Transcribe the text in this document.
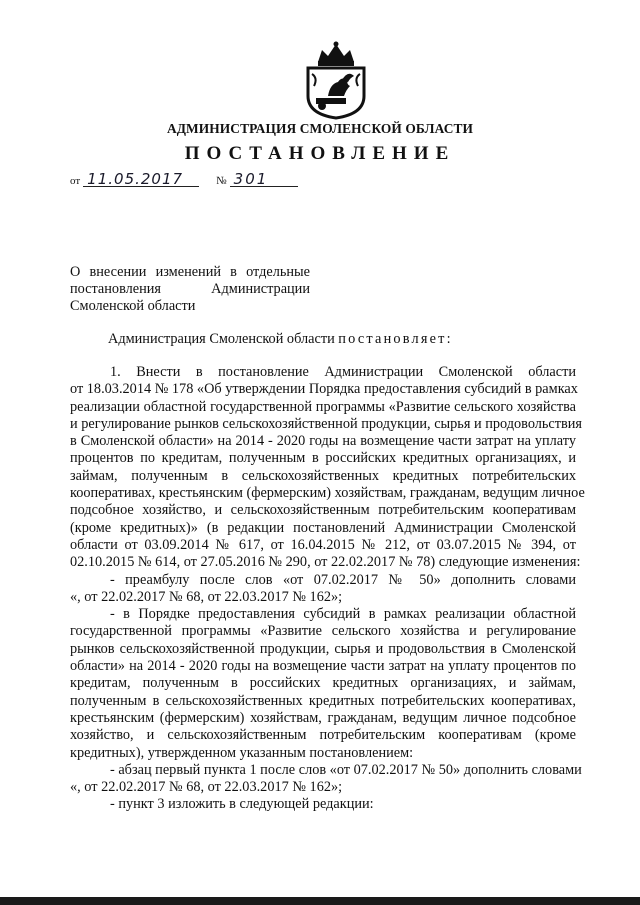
АДМИНИСТРАЦИЯ СМОЛЕНСКОЙ ОБЛАСТИ
ПОСТАНОВЛЕНИЕ
от 11.05.2017	№ 301
О внесении изменений в отдельные
постановления Администрации
Смоленской области
Администрация Смоленской области постановляет:
1. Внести в постановление Администрации Смоленской области
от 18.03.2014 № 178 «Об утверждении Порядка предоставления субсидий в рамках
реализации областной государственной программы «Развитие сельского хозяйства
и регулирование рынков сельскохозяйственной продукции, сырья и продовольствия
в Смоленской области» на 2014 - 2020 годы на возмещение части затрат на уплату
процентов по кредитам, полученным в российских кредитных организациях, и
займам, полученным в сельскохозяйственных кредитных потребительских
кооперативах, крестьянским (фермерским) хозяйствам, гражданам, ведущим личное
подсобное хозяйство, и сельскохозяйственным потребительским кооперативам
(кроме кредитных)» (в редакции постановлений Администрации Смоленской
области от 03.09.2014 № 617, от 16.04.2015 № 212, от 03.07.2015 № 394, от
02.10.2015 № 614, от 27.05.2016 № 290, от 22.02.2017 № 78) следующие изменения:
- преамбулу после слов «от 07.02.2017 № 50» дополнить словами
«, от 22.02.2017 № 68, от 22.03.2017 № 162»;
- в Порядке предоставления субсидий в рамках реализации областной
государственной программы «Развитие сельского хозяйства и регулирование
рынков сельскохозяйственной продукции, сырья и продовольствия в Смоленской
области» на 2014 - 2020 годы на возмещение части затрат на уплату процентов по
кредитам, полученным в российских кредитных организациях, и займам,
полученным в сельскохозяйственных кредитных потребительских кооперативах,
крестьянским (фермерским) хозяйствам, гражданам, ведущим личное подсобное
хозяйство, и сельскохозяйственным потребительским кооперативам (кроме
кредитных), утвержденном указанным постановлением:
- абзац первый пункта 1 после слов «от 07.02.2017 № 50» дополнить словами
«, от 22.02.2017 № 68, от 22.03.2017 № 162»;
- пункт 3 изложить в следующей редакции:
